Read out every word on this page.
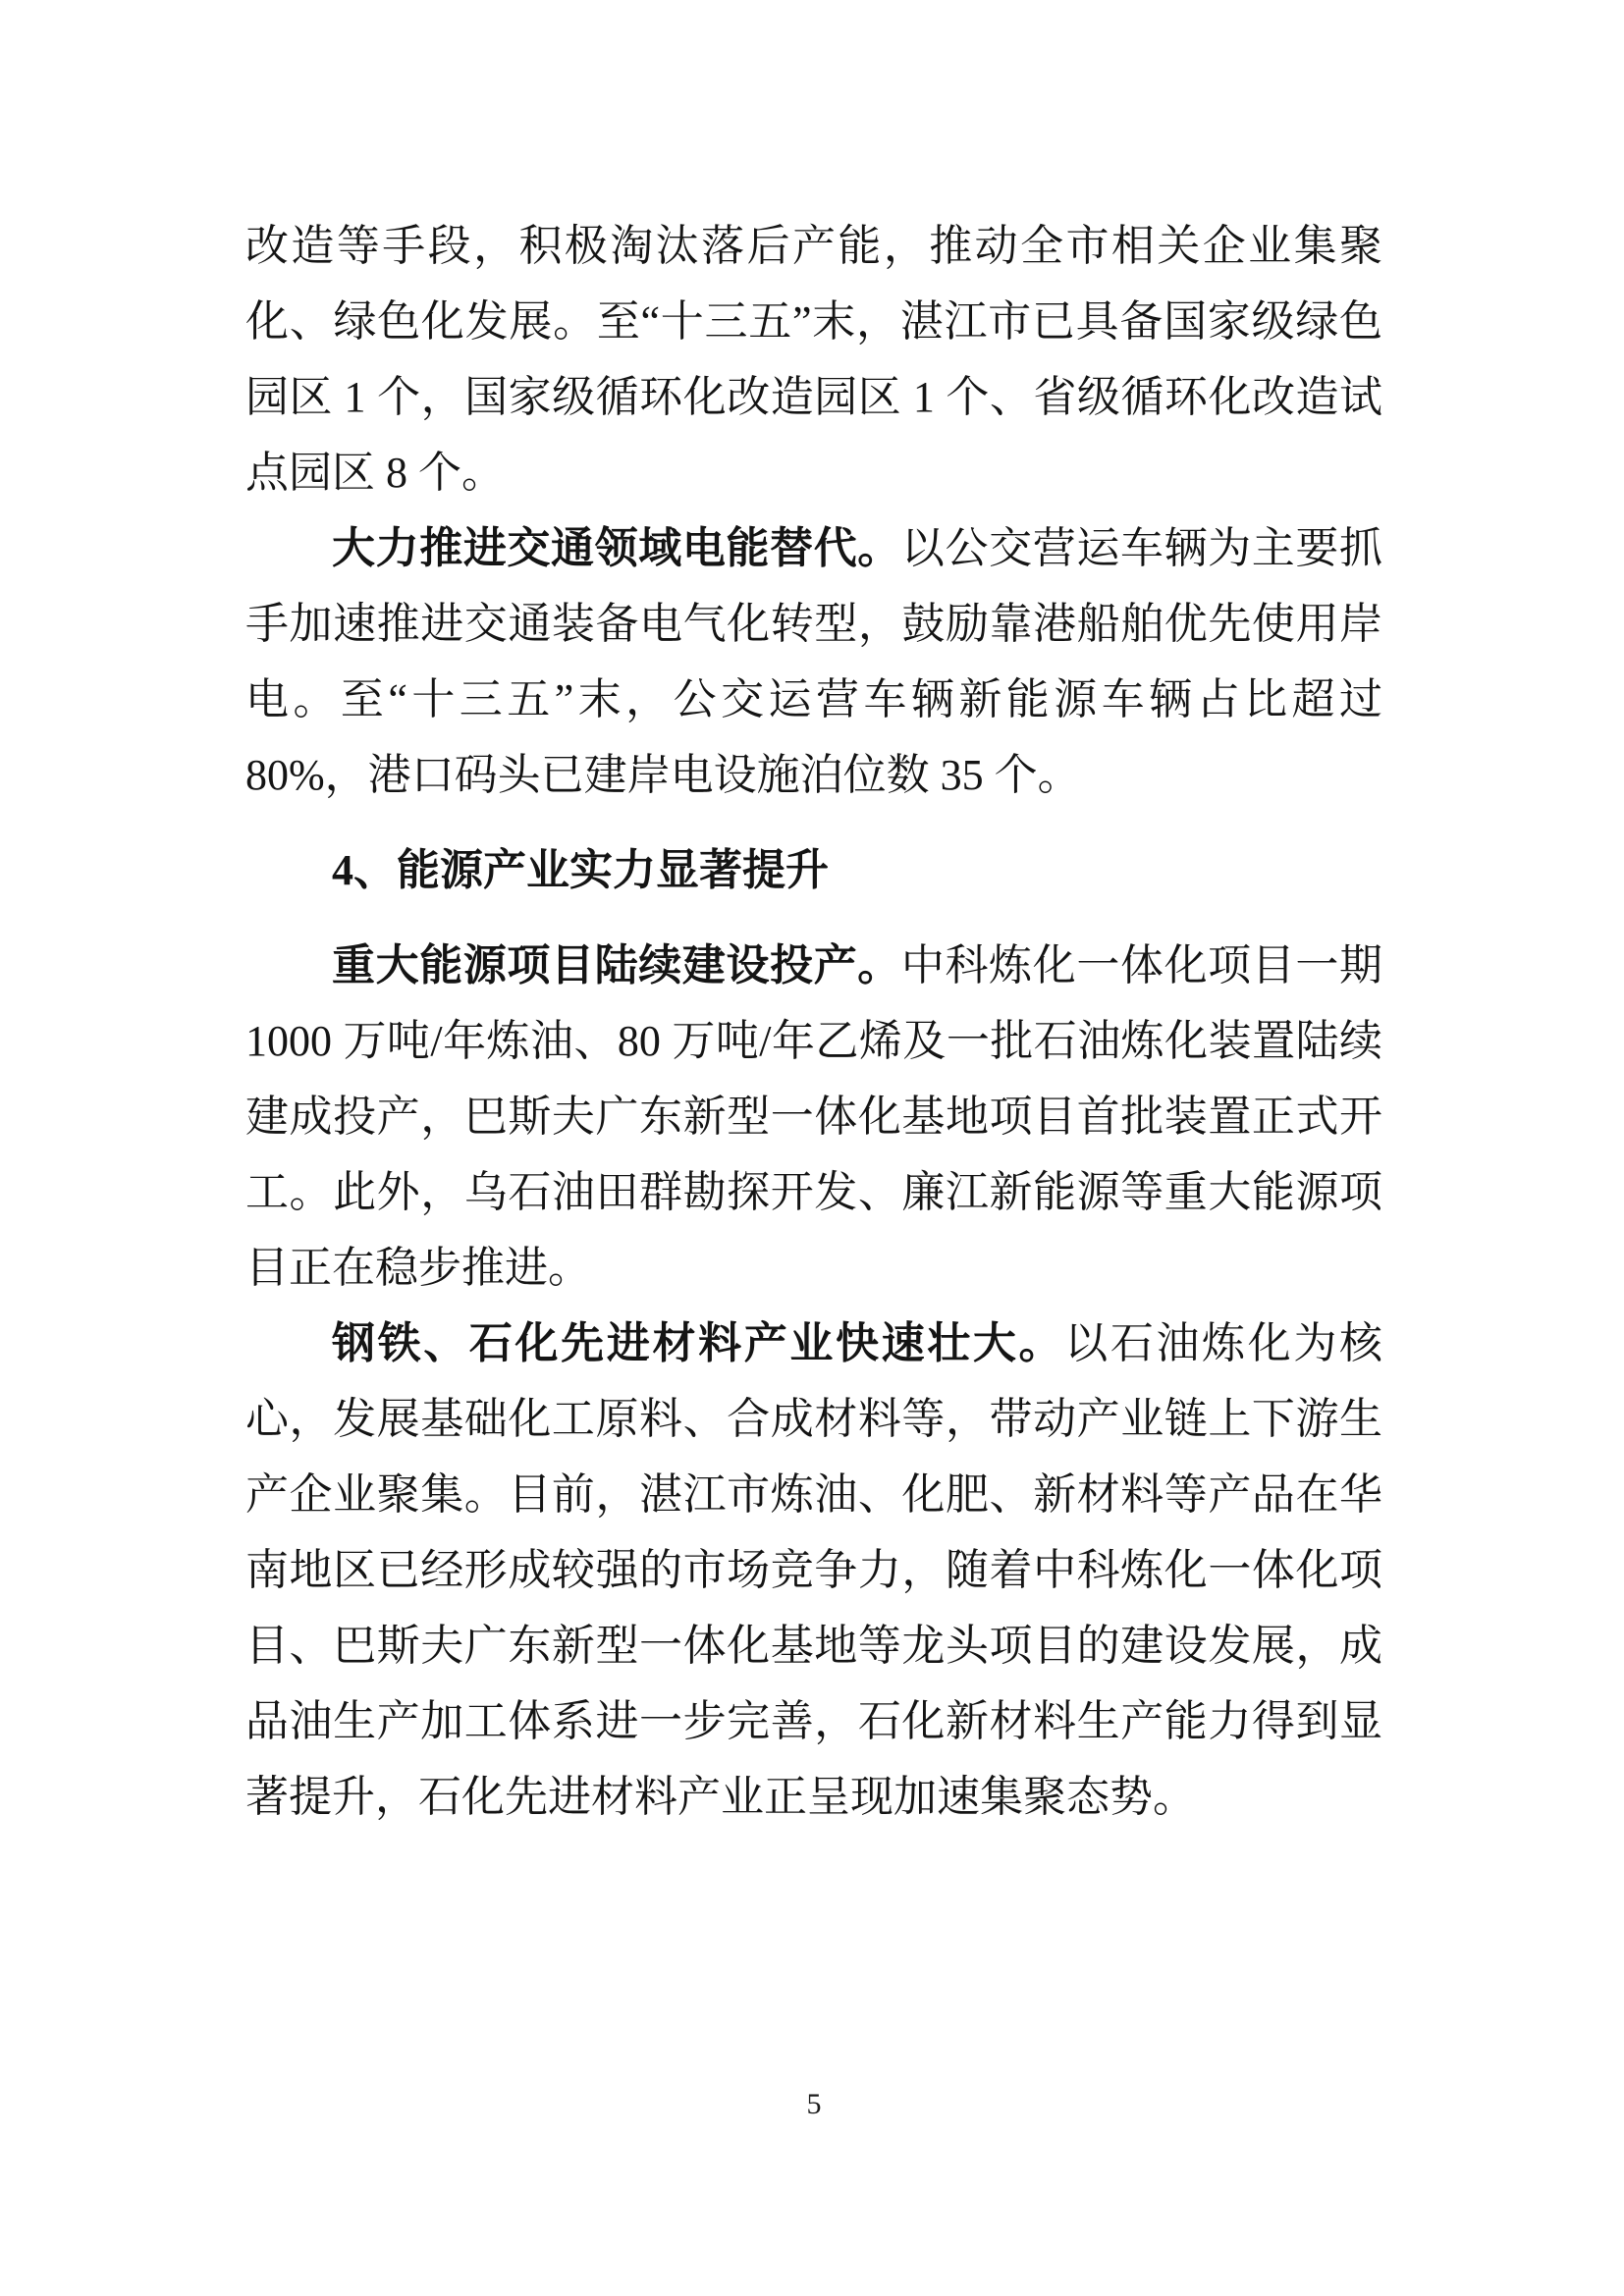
改造等手段，积极淘汰落后产能，推动全市相关企业集聚化、绿色化发展。至“十三五”末，湛江市已具备国家级绿色园区 1 个，国家级循环化改造园区 1 个、省级循环化改造试点园区 8 个。

大力推进交通领域电能替代。以公交营运车辆为主要抓手加速推进交通装备电气化转型，鼓励靠港船舶优先使用岸电。至“十三五”末，公交运营车辆新能源车辆占比超过 80%，港口码头已建岸电设施泊位数 35 个。

4、能源产业实力显著提升

重大能源项目陆续建设投产。中科炼化一体化项目一期 1000 万吨/年炼油、80 万吨/年乙烯及一批石油炼化装置陆续建成投产，巴斯夫广东新型一体化基地项目首批装置正式开工。此外，乌石油田群勘探开发、廉江新能源等重大能源项目正在稳步推进。

钢铁、石化先进材料产业快速壮大。以石油炼化为核心，发展基础化工原料、合成材料等，带动产业链上下游生产企业聚集。目前，湛江市炼油、化肥、新材料等产品在华南地区已经形成较强的市场竞争力，随着中科炼化一体化项目、巴斯夫广东新型一体化基地等龙头项目的建设发展，成品油生产加工体系进一步完善，石化新材料生产能力得到显著提升，石化先进材料产业正呈现加速集聚态势。

5
